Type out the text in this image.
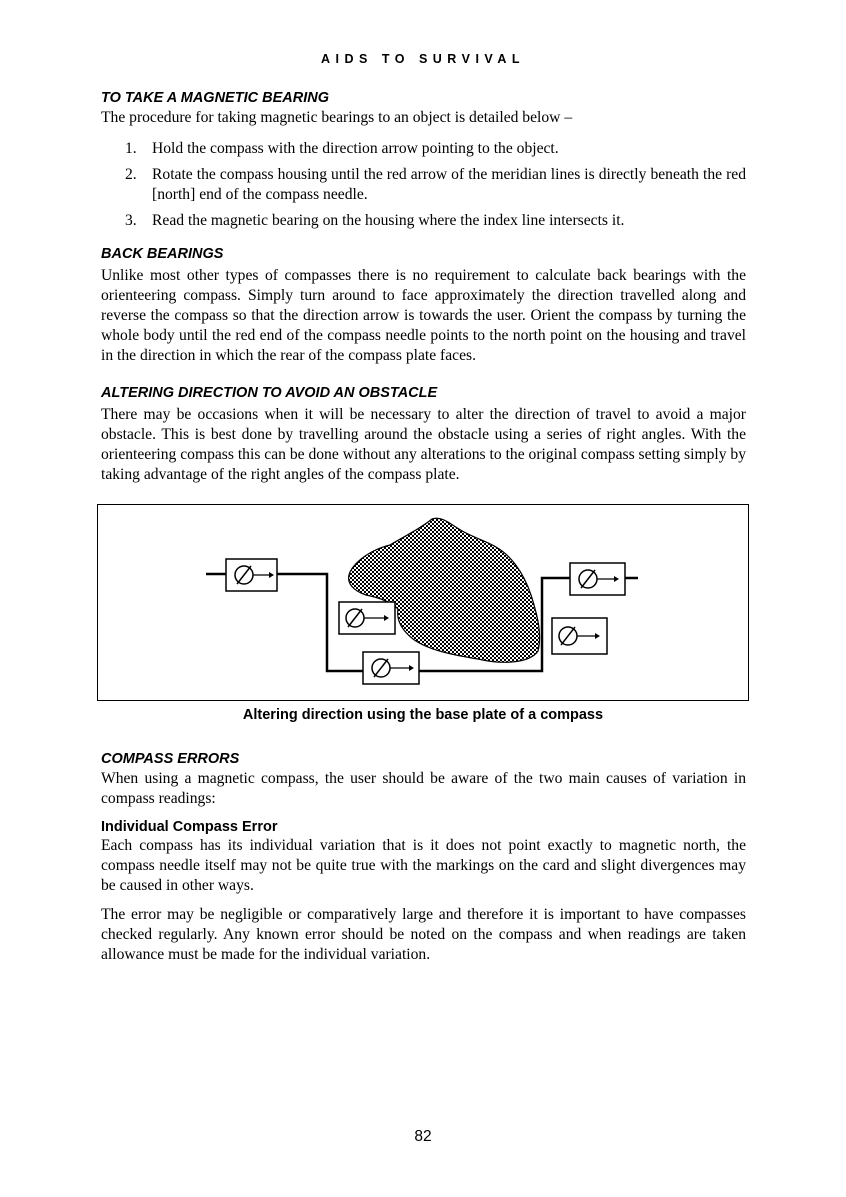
AIDS TO SURVIVAL

TO TAKE A MAGNETIC BEARING

The procedure for taking magnetic bearings to an object is detailed below –

1. Hold the compass with the direction arrow pointing to the object.
2. Rotate the compass housing until the red arrow of the meridian lines is directly beneath the red [north] end of the compass needle.
3. Read the magnetic bearing on the housing where the index line intersects it.
BACK BEARINGS

Unlike most other types of compasses there is no requirement to calculate back bearings with the orienteering compass. Simply turn around to face approximately the direction travelled along and reverse the compass so that the direction arrow is towards the user. Orient the compass by turning the whole body until the red end of the compass needle points to the north point on the housing and travel in the direction in which the rear of the compass plate faces.

ALTERING DIRECTION TO AVOID AN OBSTACLE

There may be occasions when it will be necessary to alter the direction of travel to avoid a major obstacle. This is best done by travelling around the obstacle using a series of right angles. With the orienteering compass this can be done without any alterations to the original compass setting simply by taking advantage of the right angles of the compass plate.

Altering direction using the base plate of a compass
COMPASS ERRORS

When using a magnetic compass, the user should be aware of the two main causes of variation in compass readings:

Individual Compass Error

Each compass has its individual variation that is it does not point exactly to magnetic north, the compass needle itself may not be quite true with the markings on the card and slight divergences may be caused in other ways.

The error may be negligible or comparatively large and therefore it is important to have compasses checked regularly. Any known error should be noted on the compass and when readings are taken allowance must be made for the individual variation.

82
